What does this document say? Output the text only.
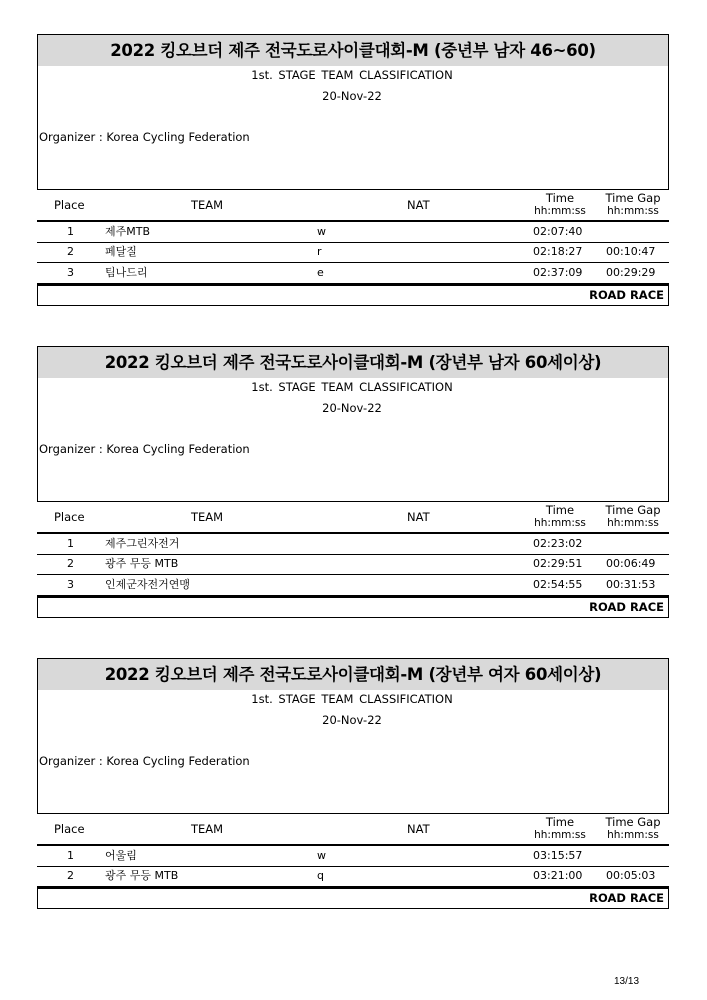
2022 킹오브더 제주 전국도로사이클대회-M (중년부 남자 46~60)
1st. STAGE TEAM CLASSIFICATION
20-Nov-22
Organizer : Korea Cycling Federation
Place	TEAM	NAT	Time
hh:mm:ss
Time Gap
hh:mm:ss
1	제주MTB	w	02:07:40
2	페달질	r	02:18:27 00:10:47
3	팀나드리	e	02:37:09 00:29:29
ROAD RACE
2022 킹오브더 제주 전국도로사이클대회-M (장년부 남자 60세이상)
1st. STAGE TEAM CLASSIFICATION
20-Nov-22
Organizer : Korea Cycling Federation
Place	TEAM	NAT	Time
hh:mm:ss
Time Gap
hh:mm:ss
1	제주그린자전거	02:23:02
2	광주 무등 MTB	02:29:51 00:06:49
3	인제군자전거연맹	02:54:55 00:31:53
ROAD RACE
2022 킹오브더 제주 전국도로사이클대회-M (장년부 여자 60세이상)
1st. STAGE TEAM CLASSIFICATION
20-Nov-22
Organizer : Korea Cycling Federation
Place	TEAM	NAT	Time
hh:mm:ss
Time Gap
hh:mm:ss
1	어울림	w	03:15:57
2	광주 무등 MTB	q	03:21:00 00:05:03
ROAD RACE
13/13
